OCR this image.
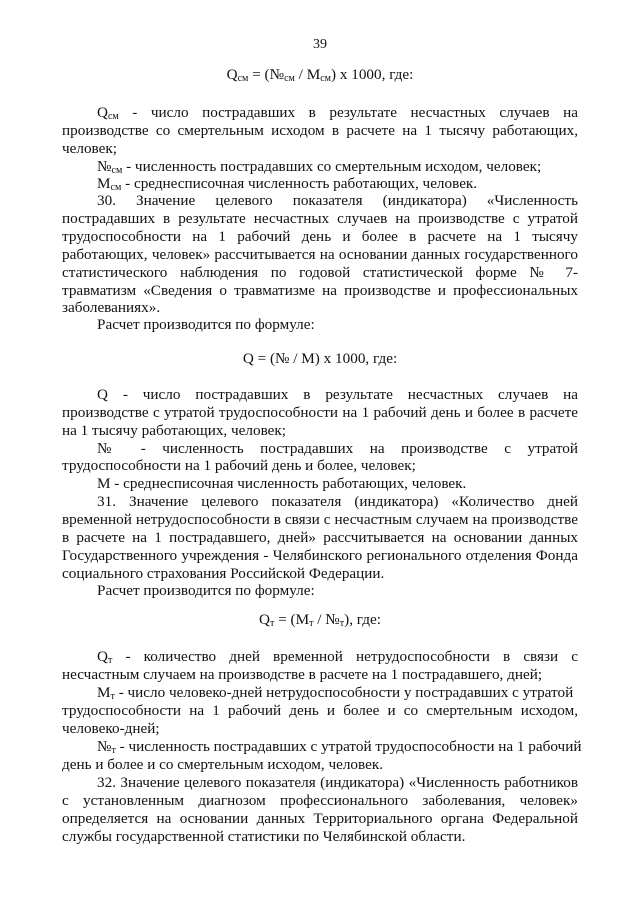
39
$Q_{см}$ = $(№_{см} / М_{см})$ x 1000, где:
$Q_{см}$ - число пострадавших в результате несчастных случаев на
производстве со смертельным исходом в расчете на 1 тысячу работающих,
человек;
$№_{см}$ - численность пострадавших со смертельным исходом, человек;
$М_{см}$ - среднесписочная численность работающих, человек.
30. Значение целевого показателя (индикатора) «Численность
пострадавших в результате несчастных случаев на производстве с утратой
трудоспособности на 1 рабочий день и более в расчете на 1 тысячу
работающих, человек» рассчитывается на основании данных государственного
статистического наблюдения по годовой статистической форме № 7-
травматизм «Сведения о травматизме на производстве и профессиональных
заболеваниях».
Расчет производится по формуле:
Q = (№ / M) x 1000, где:
Q - число пострадавших в результате несчастных случаев на
производстве с утратой трудоспособности на 1 рабочий день и более в расчете
на 1 тысячу работающих, человек;
№ - численность пострадавших на производстве с утратой
трудоспособности на 1 рабочий день и более, человек;
М - среднесписочная численность работающих, человек.
31. Значение целевого показателя (индикатора) «Количество дней
временной нетрудоспособности в связи с несчастным случаем на производстве
в расчете на 1 пострадавшего, дней» рассчитывается на основании данных
Государственного учреждения - Челябинского регионального отделения Фонда
социального страхования Российской Федерации.
Расчет производится по формуле:
$Q_т = (М_т$ / $№_т$), где:
$Q_т$ - количество дней временной нетрудоспособности в связи с
несчастным случаем на производстве в расчете на 1 пострадавшего, дней;
$М_т$ - число человеко-дней нетрудоспособности у пострадавших с утратой
трудоспособности на 1 рабочий день и более и со смертельным исходом,
человеко-дней;
$№_т$ - численность пострадавших с утратой трудоспособности на 1 рабочий
день и более и со смертельным исходом, человек.
32. Значение целевого показателя (индикатора) «Численность работников
с установленным диагнозом профессионального заболевания, человек»
определяется на основании данных Территориального органа Федеральной
службы государственной статистики по Челябинской области.
